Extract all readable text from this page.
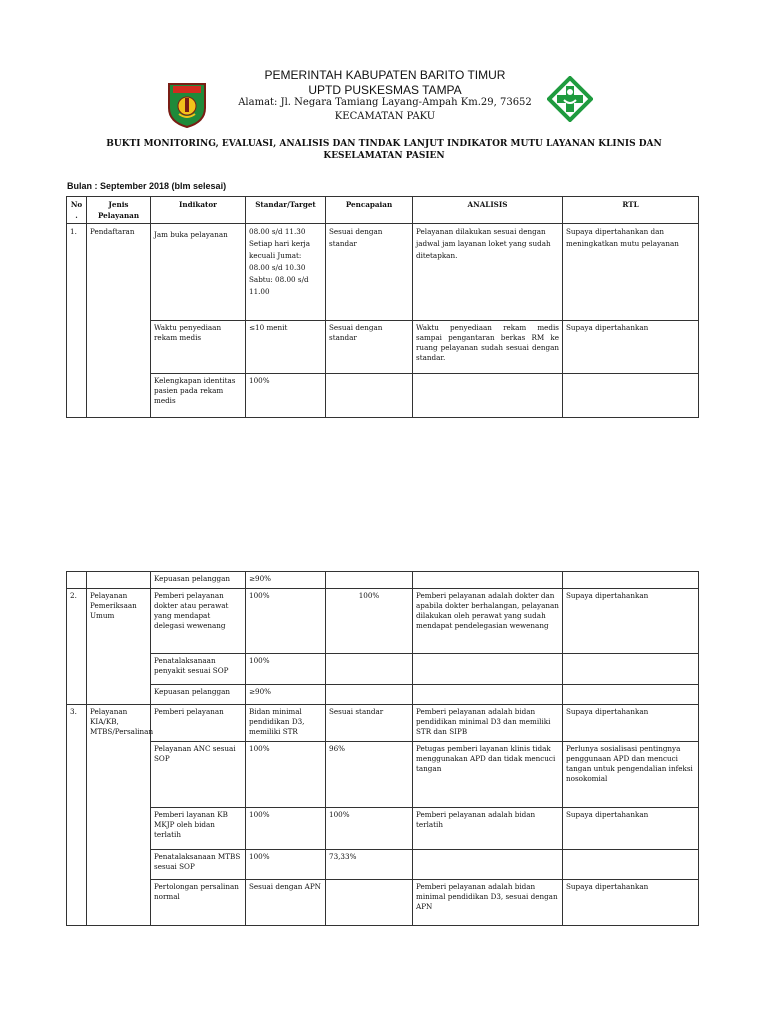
PEMERINTAH KABUPATEN BARITO TIMUR
UPTD PUSKESMAS TAMPA
Alamat: Jl. Negara Tamiang Layang-Ampah Km.29, 73652
KECAMATAN PAKU
BUKTI MONITORING, EVALUASI, ANALISIS DAN TINDAK LANJUT INDIKATOR MUTU LAYANAN KLINIS DAN KESELAMATAN PASIEN
Bulan : September 2018 (blm selesai)
No .	Jenis Pelayanan	Indikator	Standar/Target	Pencapaian	ANALISIS	RTL
1.	Pendaftaran	Jam buka pelayanan	08.00 s/d 11.30 Setiap hari kerja kecuali Jumat: 08.00 s/d 10.30 Sabtu: 08.00 s/d 11.00	Sesuai dengan standar	Pelayanan dilakukan sesuai dengan jadwal jam layanan loket yang sudah ditetapkan.	Supaya dipertahankan dan meningkatkan mutu pelayanan
		Waktu penyediaan rekam medis	≤10 menit	Sesuai dengan standar	Waktu penyediaan rekam medis sampai pengantaran berkas RM ke ruang pelayanan sudah sesuai dengan standar.	Supaya dipertahankan
		Kelengkapan identitas pasien pada rekam medis	100%			
		Kepuasan pelanggan	≥90%			
2.	Pelayanan Pemeriksaan Umum	Pemberi pelayanan dokter atau perawat yang mendapat delegasi wewenang	100%	100%	Pemberi pelayanan adalah dokter dan apabila dokter berhalangan, pelayanan dilakukan oleh perawat yang sudah mendapat pendelegasian wewenang	Supaya dipertahankan
		Penatalaksanaan penyakit sesuai SOP	100%			
		Kepuasan pelanggan	≥90%			
3.	Pelayanan KIA/KB, MTBS/Persalinan	Pemberi pelayanan	Bidan minimal pendidikan D3, memiliki STR	Sesuai standar	Pemberi pelayanan adalah bidan pendidikan minimal D3 dan memiliki STR dan SIPB	Supaya dipertahankan
		Pelayanan ANC sesuai SOP	100%	96%	Petugas pemberi layanan klinis tidak menggunakan APD dan tidak mencuci tangan	Perlunya sosialisasi pentingnya penggunaan APD dan mencuci tangan untuk pengendalian infeksi nosokomial
		Pemberi layanan KB MKJP oleh bidan terlatih	100%	100%	Pemberi pelayanan adalah bidan terlatih	Supaya dipertahankan
		Penatalaksanaan MTBS sesuai SOP	100%	73,33%		
		Pertolongan persalinan normal	Sesuai dengan APN		Pemberi pelayanan adalah bidan minimal pendidikan D3, sesuai dengan APN	Supaya dipertahankan
